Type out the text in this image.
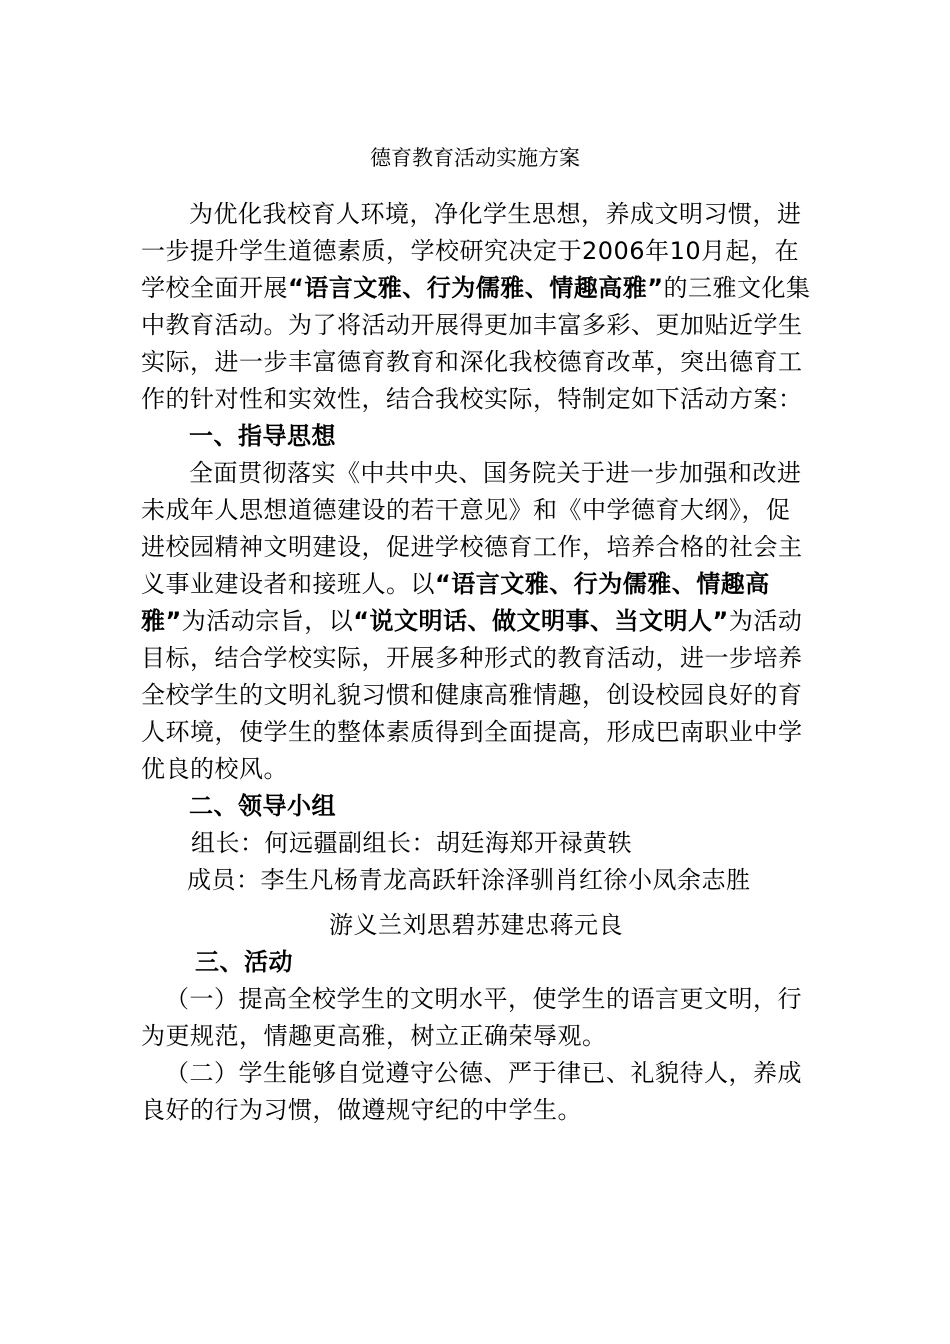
德育教育活动实施方案

为优化我校育人环境，净化学生思想，养成文明习惯，进一步提升学生道德素质，学校研究决定于2006年10月起，在学校全面开展“语言文雅、行为儒雅、情趣高雅”的三雅文化集中教育活动。为了将活动开展得更加丰富多彩、更加贴近学生实际，进一步丰富德育教育和深化我校德育改革，突出德育工作的针对性和实效性，结合我校实际，特制定如下活动方案：

一、指导思想

全面贯彻落实《中共中央、国务院关于进一步加强和改进未成年人思想道德建设的若干意见》和《中学德育大纲》，促进校园精神文明建设，促进学校德育工作，培养合格的社会主义事业建设者和接班人。以“语言文雅、行为儒雅、情趣高雅”为活动宗旨，以“说文明话、做文明事、当文明人”为活动目标，结合学校实际，开展多种形式的教育活动，进一步培养全校学生的文明礼貌习惯和健康高雅情趣，创设校园良好的育人环境，使学生的整体素质得到全面提高，形成巴南职业中学优良的校风。

二、领导小组

组长：何远疆副组长：胡廷海郑开禄黄轶

成员：李生凡杨青龙高跃轩涂泽驯肖红徐小凤余志胜

游义兰刘思碧苏建忠蒋元良

三、活动

（一）提高全校学生的文明水平，使学生的语言更文明，行为更规范，情趣更高雅，树立正确荣辱观。

（二）学生能够自觉遵守公德、严于律已、礼貌待人，养成良好的行为习惯，做遵规守纪的中学生。
